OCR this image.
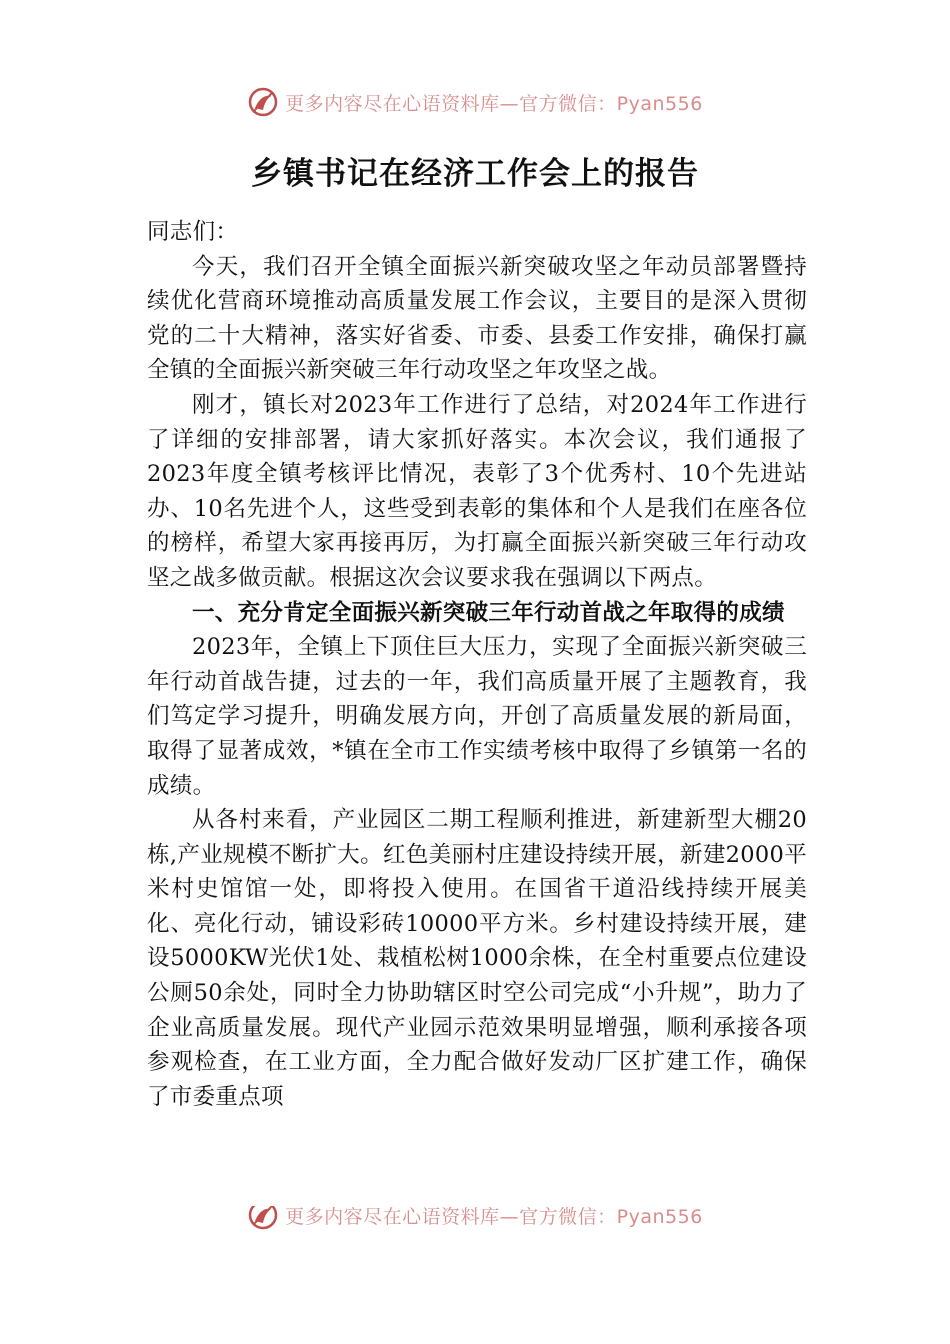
更多内容尽在心语资料库—官方微信：Pyan556
乡镇书记在经济工作会上的报告

同志们：

今天，我们召开全镇全面振兴新突破攻坚之年动员部署暨持续优化营商环境推动高质量发展工作会议，主要目的是深入贯彻党的二十大精神，落实好省委、市委、县委工作安排，确保打赢全镇的全面振兴新突破三年行动攻坚之年攻坚之战。

刚才，镇长对2023年工作进行了总结，对2024年工作进行了详细的安排部署，请大家抓好落实。本次会议，我们通报了2023年度全镇考核评比情况，表彰了3个优秀村、10个先进站办、10名先进个人，这些受到表彰的集体和个人是我们在座各位的榜样，希望大家再接再厉，为打赢全面振兴新突破三年行动攻坚之战多做贡献。根据这次会议要求我在强调以下两点。

一、充分肯定全面振兴新突破三年行动首战之年取得的成绩

2023年，全镇上下顶住巨大压力，实现了全面振兴新突破三年行动首战告捷，过去的一年，我们高质量开展了主题教育，我们笃定学习提升，明确发展方向，开创了高质量发展的新局面，取得了显著成效，*镇在全市工作实绩考核中取得了乡镇第一名的成绩。

从各村来看，产业园区二期工程顺利推进，新建新型大棚20栋,产业规模不断扩大。红色美丽村庄建设持续开展，新建2000平米村史馆馆一处，即将投入使用。在国省干道沿线持续开展美化、亮化行动，铺设彩砖10000平方米。乡村建设持续开展，建设5000KW光伏1处、栽植松树1000余株，在全村重要点位建设公厕50余处，同时全力协助辖区时空公司完成“小升规”，助力了企业高质量发展。现代产业园示范效果明显增强，顺利承接各项参观检查，在工业方面，全力配合做好发动厂区扩建工作，确保了市委重点项

更多内容尽在心语资料库—官方微信：Pyan556
